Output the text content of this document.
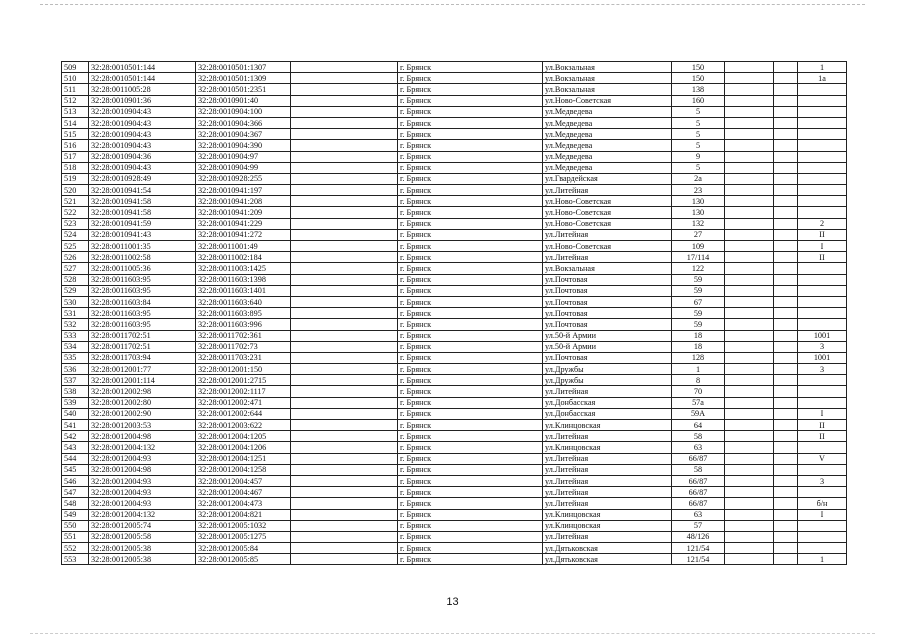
509	32:28:0010501:144	32:28:0010501:1307		г. Брянск	ул.Вокзальная	150			1
510	32:28:0010501:144	32:28:0010501:1309		г. Брянск	ул.Вокзальная	150			1а
511	32:28:0011005:28	32:28:0010501:2351		г. Брянск	ул.Вокзальная	138			
512	32:28:0010901:36	32:28:0010901:40		г. Брянск	ул.Ново-Советская	160			
513	32:28:0010904:43	32:28:0010904:100		г. Брянск	ул.Медведева	5			
514	32:28:0010904:43	32:28:0010904:366		г. Брянск	ул.Медведева	5			
515	32:28:0010904:43	32:28:0010904:367		г. Брянск	ул.Медведева	5			
516	32:28:0010904:43	32:28:0010904:390		г. Брянск	ул.Медведева	5			
517	32:28:0010904:36	32:28:0010904:97		г. Брянск	ул.Медведева	9			
518	32:28:0010904:43	32:28:0010904:99		г. Брянск	ул.Медведева	5			
519	32:28:0010928:49	32:28:0010928:255		г. Брянск	ул.Гвардейская	2а			
520	32:28:0010941:54	32:28:0010941:197		г. Брянск	ул.Литейная	23			
521	32:28:0010941:58	32:28:0010941:208		г. Брянск	ул.Ново-Советская	130			
522	32:28:0010941:58	32:28:0010941:209		г. Брянск	ул.Ново-Советская	130			
523	32:28:0010941:59	32:28:0010941:229		г. Брянск	ул.Ново-Советская	132			2
524	32:28:0010941:43	32:28:0010941:272		г. Брянск	ул.Литейная	27			II
525	32:28:0011001:35	32:28:0011001:49		г. Брянск	ул.Ново-Советская	109			I
526	32:28:0011002:58	32:28:0011002:184		г. Брянск	ул.Литейная	17/114			II
527	32:28:0011005:36	32:28:0011003:1425		г. Брянск	ул.Вокзальная	122			
528	32:28:0011603:95	32:28:0011603:1398		г. Брянск	ул.Почтовая	59			
529	32:28:0011603:95	32:28:0011603:1401		г. Брянск	ул.Почтовая	59			
530	32:28:0011603:84	32:28:0011603:640		г. Брянск	ул.Почтовая	67			
531	32:28:0011603:95	32:28:0011603:895		г. Брянск	ул.Почтовая	59			
532	32:28:0011603:95	32:28:0011603:996		г. Брянск	ул.Почтовая	59			
533	32:28:0011702:51	32:28:0011702:361		г. Брянск	ул.50-й Армии	18			1001
534	32:28:0011702:51	32:28:0011702:73		г. Брянск	ул.50-й Армии	18			3
535	32:28:0011703:94	32:28:0011703:231		г. Брянск	ул.Почтовая	128			1001
536	32:28:0012001:77	32:28:0012001:150		г. Брянск	ул.Дружбы	1			3
537	32:28:0012001:114	32:28:0012001:2715		г. Брянск	ул.Дружбы	8			
538	32:28:0012002:98	32:28:0012002:1117		г. Брянск	ул.Литейная	70			
539	32:28:0012002:80	32:28:0012002:471		г. Брянск	ул.Донбасская	57а			
540	32:28:0012002:90	32:28:0012002:644		г. Брянск	ул.Донбасская	59А			I
541	32:28:0012003:53	32:28:0012003:622		г. Брянск	ул.Клинцовская	64			II
542	32:28:0012004:98	32:28:0012004:1205		г. Брянск	ул.Литейная	58			II
543	32:28:0012004:132	32:28:0012004:1206		г. Брянск	ул.Клинцовская	63			
544	32:28:0012004:93	32:28:0012004:1251		г. Брянск	ул.Литейная	66/87			V
545	32:28:0012004:98	32:28:0012004:1258		г. Брянск	ул.Литейная	58			
546	32:28:0012004:93	32:28:0012004:457		г. Брянск	ул.Литейная	66/87			3
547	32:28:0012004:93	32:28:0012004:467		г. Брянск	ул.Литейная	66/87			
548	32:28:0012004:93	32:28:0012004:473		г. Брянск	ул.Литейная	66/87			б/н
549	32:28:0012004:132	32:28:0012004:821		г. Брянск	ул.Клинцовская	63			I
550	32:28:0012005:74	32:28:0012005:1032		г. Брянск	ул.Клинцовская	57			
551	32:28:0012005:58	32:28:0012005:1275		г. Брянск	ул.Литейная	48/126			
552	32:28:0012005:38	32:28:0012005:84		г. Брянск	ул.Дятьковская	121/54			
553	32:28:0012005:38	32:28:0012005:85		г. Брянск	ул.Дятьковская	121/54			1
13
